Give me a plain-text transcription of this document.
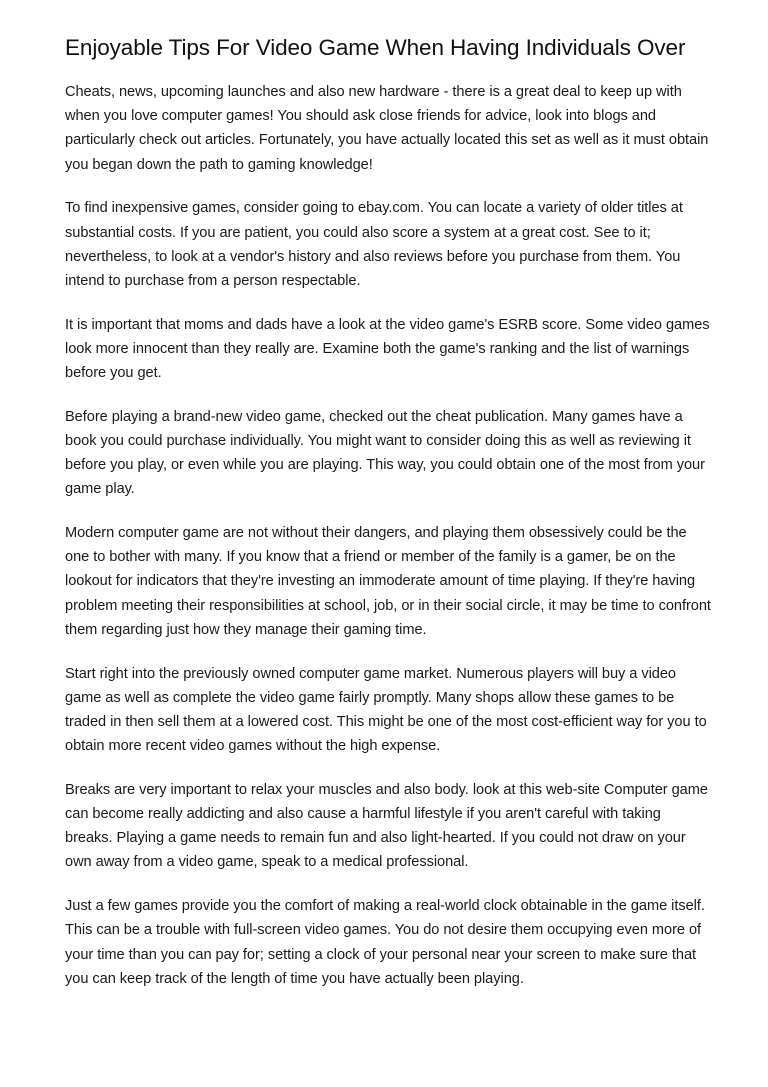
Enjoyable Tips For Video Game When Having Individuals Over

Cheats, news, upcoming launches and also new hardware - there is a great deal to keep up with when you love computer games! You should ask close friends for advice, look into blogs and particularly check out articles. Fortunately, you have actually located this set as well as it must obtain you began down the path to gaming knowledge!

To find inexpensive games, consider going to ebay.com. You can locate a variety of older titles at substantial costs. If you are patient, you could also score a system at a great cost. See to it; nevertheless, to look at a vendor's history and also reviews before you purchase from them. You intend to purchase from a person respectable.

It is important that moms and dads have a look at the video game's ESRB score. Some video games look more innocent than they really are. Examine both the game's ranking and the list of warnings before you get.

Before playing a brand-new video game, checked out the cheat publication. Many games have a book you could purchase individually. You might want to consider doing this as well as reviewing it before you play, or even while you are playing. This way, you could obtain one of the most from your game play.

Modern computer game are not without their dangers, and playing them obsessively could be the one to bother with many. If you know that a friend or member of the family is a gamer, be on the lookout for indicators that they're investing an immoderate amount of time playing. If they're having problem meeting their responsibilities at school, job, or in their social circle, it may be time to confront them regarding just how they manage their gaming time.

Start right into the previously owned computer game market. Numerous players will buy a video game as well as complete the video game fairly promptly. Many shops allow these games to be traded in then sell them at a lowered cost. This might be one of the most cost-efficient way for you to obtain more recent video games without the high expense.

Breaks are very important to relax your muscles and also body. look at this web-site Computer game can become really addicting and also cause a harmful lifestyle if you aren't careful with taking breaks. Playing a game needs to remain fun and also light-hearted. If you could not draw on your own away from a video game, speak to a medical professional.

Just a few games provide you the comfort of making a real-world clock obtainable in the game itself. This can be a trouble with full-screen video games. You do not desire them occupying even more of your time than you can pay for; setting a clock of your personal near your screen to make sure that you can keep track of the length of time you have actually been playing.
